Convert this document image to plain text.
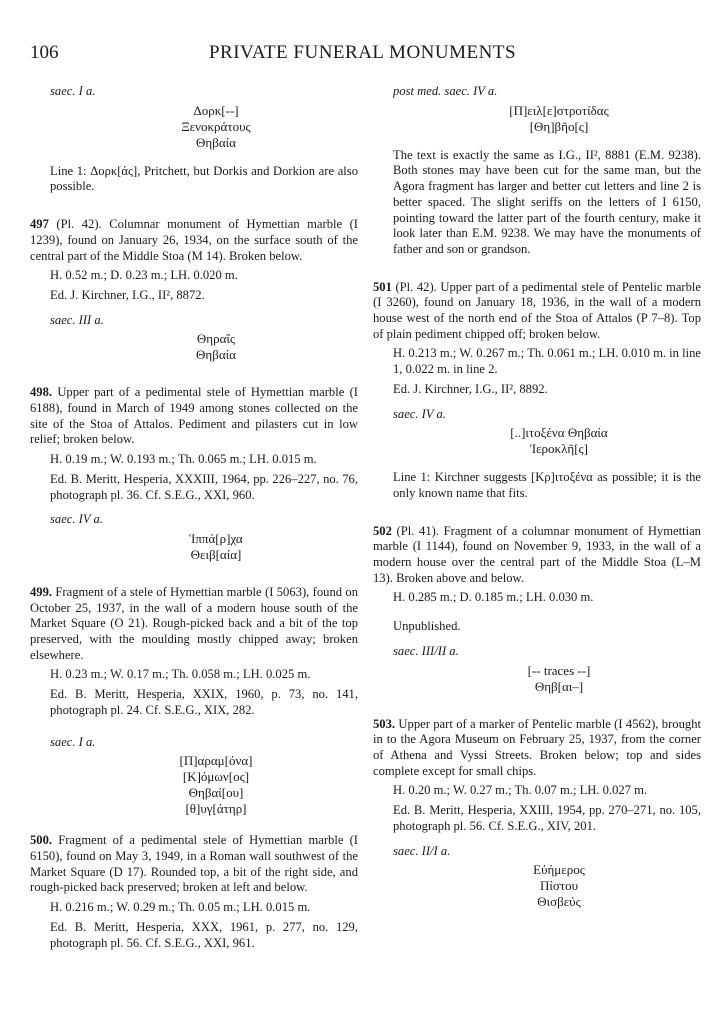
106	PRIVATE FUNERAL MONUMENTS

saec. I a.

Δορκ[--]
Ξενοκράτους
Θηβαία

Line 1: Δορκ[άς], Pritchett, but Dorkis and Dorkion are also possible.

497 (Pl. 42). Columnar monument of Hymettian marble (I 1239), found on January 26, 1934, on the surface south of the central part of the Middle Stoa (M 14). Broken below.

H. 0.52 m.; D. 0.23 m.; LH. 0.020 m.

Ed. J. Kirchner, I.G., II², 8872.

saec. III a.

Θηραΐς
Θηβαία

498. Upper part of a pedimental stele of Hymettian marble (I 6188), found in March of 1949 among stones collected on the site of the Stoa of Attalos. Pediment and pilasters cut in low relief; broken below.

H. 0.19 m.; W. 0.193 m.; Th. 0.065 m.; LH. 0.015 m.

Ed. B. Meritt, Hesperia, XXXIII, 1964, pp. 226–227, no. 76, photograph pl. 36. Cf. S.E.G., XXI, 960.

saec. IV a.

Ἱππά[ρ]χα
Θειβ[αία]

499. Fragment of a stele of Hymettian marble (I 5063), found on October 25, 1937, in the wall of a modern house south of the Market Square (O 21). Rough-picked back and a bit of the top preserved, with the moulding mostly chipped away; broken elsewhere.

H. 0.23 m.; W. 0.17 m.; Th. 0.058 m.; LH. 0.025 m.

Ed. B. Meritt, Hesperia, XXIX, 1960, p. 73, no. 141, photograph pl. 24. Cf. S.E.G., XIX, 282.

saec. I a.

[Π]αραμ[όνα]
[Κ]όμων[ος]
Θηβαί[ου]
[θ]υγ[άτηρ]

500. Fragment of a pedimental stele of Hymettian marble (I 6150), found on May 3, 1949, in a Roman wall southwest of the Market Square (D 17). Rounded top, a bit of the right side, and rough-picked back preserved; broken at left and below.

H. 0.216 m.; W. 0.29 m.; Th. 0.05 m.; LH. 0.015 m.

Ed. B. Meritt, Hesperia, XXX, 1961, p. 277, no. 129, photograph pl. 56. Cf. S.E.G., XXI, 961.

post med. saec. IV a.

[Π]ειλ[ε]στροτίδας
[Θη]βῆο[ς]

The text is exactly the same as I.G., II², 8881 (E.M. 9238). Both stones may have been cut for the same man, but the Agora fragment has larger and better cut letters and line 2 is better spaced. The slight seriffs on the letters of I 6150, pointing toward the latter part of the fourth century, make it look later than E.M. 9238. We may have the monuments of father and son or grandson.

501 (Pl. 42). Upper part of a pedimental stele of Pentelic marble (I 3260), found on January 18, 1936, in the wall of a modern house west of the north end of the Stoa of Attalos (P 7–8). Top of plain pediment chipped off; broken below.

H. 0.213 m.; W. 0.267 m.; Th. 0.061 m.; LH. 0.010 m. in line 1, 0.022 m. in line 2.

Ed. J. Kirchner, I.G., II², 8892.

saec. IV a.

[..]ιτοξένα Θηβαία
Ἱεροκλῆ[ς]

Line 1: Kirchner suggests [Κρ]ιτοξένα as possible; it is the only known name that fits.

502 (Pl. 41). Fragment of a columnar monument of Hymettian marble (I 1144), found on November 9, 1933, in the wall of a modern house over the central part of the Middle Stoa (L–M 13). Broken above and below.

H. 0.285 m.; D. 0.185 m.; LH. 0.030 m.

Unpublished.

saec. III/II a.

[-- traces --]
Θηβ[αι–]

503. Upper part of a marker of Pentelic marble (I 4562), brought in to the Agora Museum on February 25, 1937, from the corner of Athena and Vyssi Streets. Broken below; top and sides complete except for small chips.

H. 0.20 m.; W. 0.27 m.; Th. 0.07 m.; LH. 0.027 m.

Ed. B. Meritt, Hesperia, XXIII, 1954, pp. 270–271, no. 105, photograph pl. 56. Cf. S.E.G., XIV, 201.

saec. II/I a.

Εὐήμερος
Πίστου
Θισβεύς
